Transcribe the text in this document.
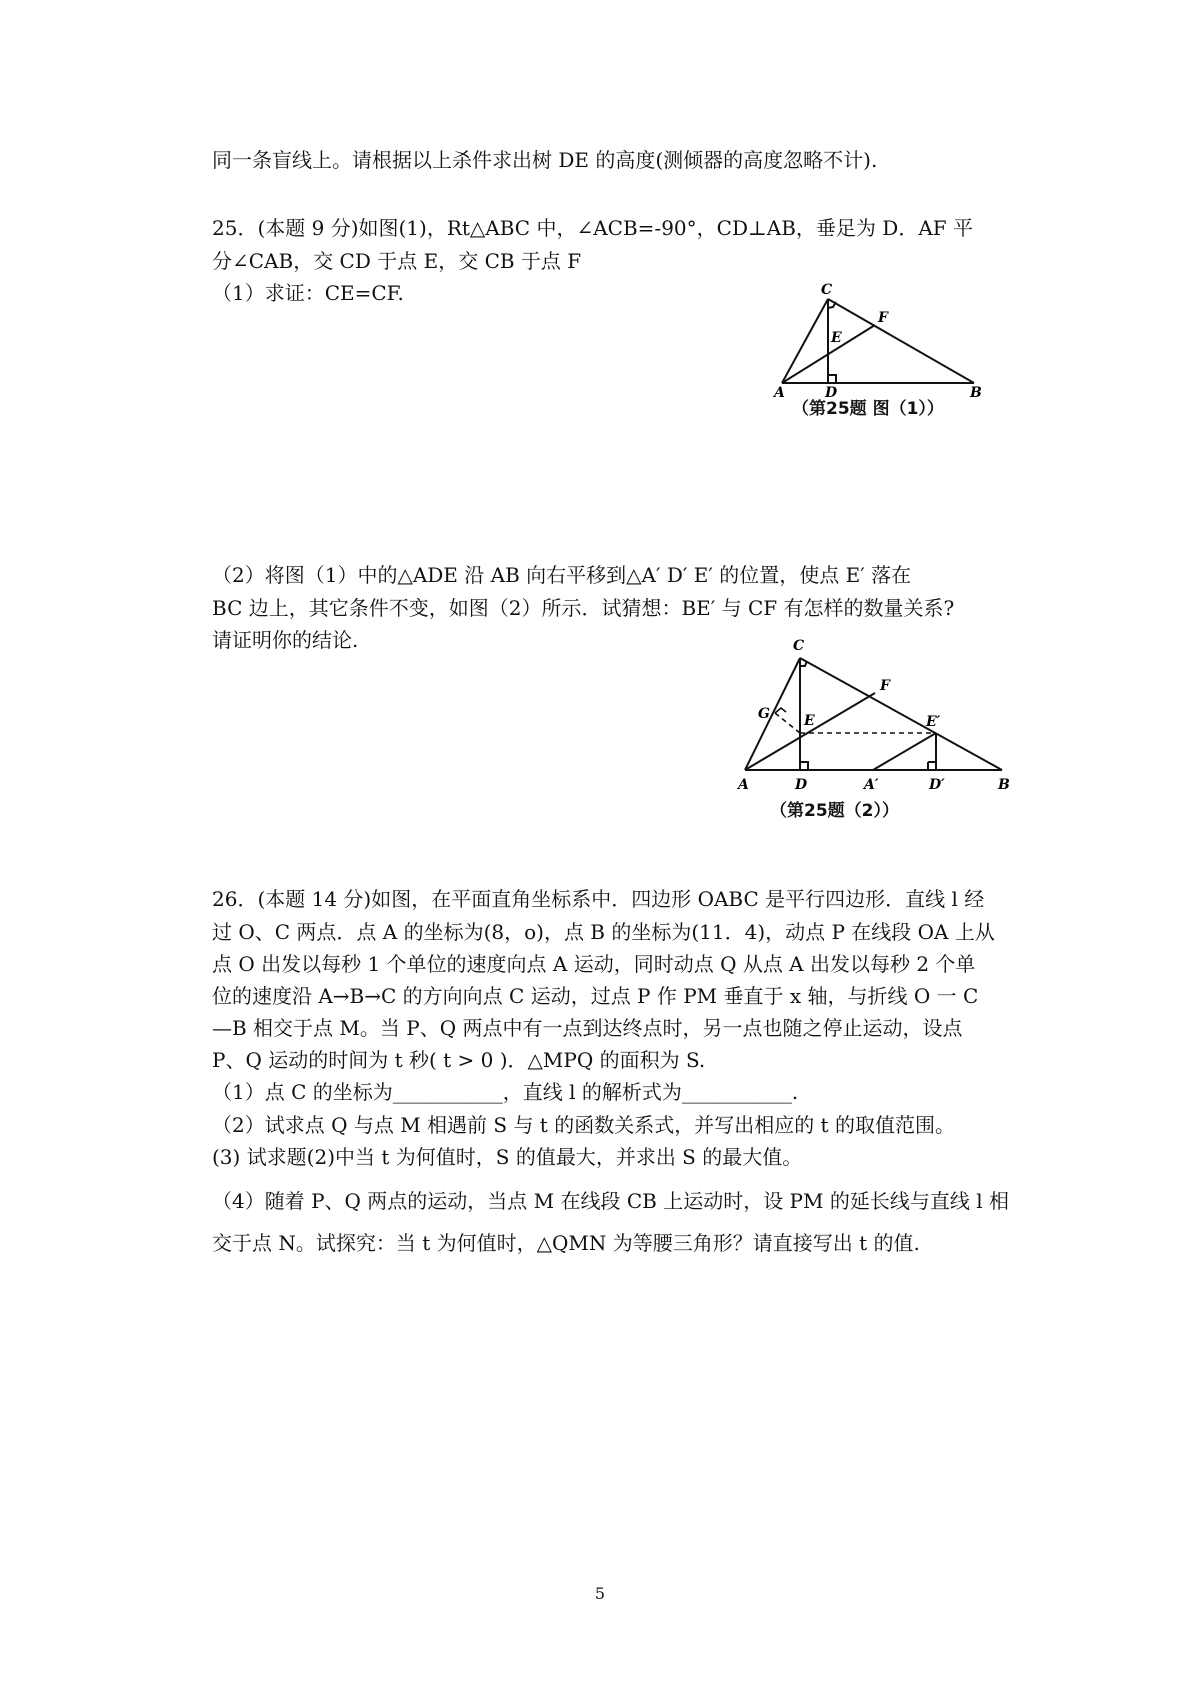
同一条盲线上。请根据以上杀件求出树 DE 的高度(测倾器的高度忽略不计).
25．(本题 9 分)如图(1)，Rt△ABC 中，∠ACB=-90°，CD⊥AB，垂足为 D．AF 平
分∠CAB，交 CD 于点 E，交 CB 于点 F
（1）求证：CE=CF.
（2）将图（1）中的△ADE 沿 AB 向右平移到△A′ D′ E′ 的位置，使点 E′ 落在
BC 边上，其它条件不变，如图（2）所示．试猜想：BE′ 与 CF 有怎样的数量关系?
请证明你的结论.
26．(本题 14 分)如图，在平面直角坐标系中．四边形 OABC 是平行四边形．直线 l 经
过 O、C 两点．点 A 的坐标为(8，o)，点 B 的坐标为(11．4)，动点 P 在线段 OA 上从
点 O 出发以每秒 1 个单位的速度向点 A 运动，同时动点 Q 从点 A 出发以每秒 2 个单
位的速度沿 A→B→C 的方向向点 C 运动，过点 P 作 PM 垂直于 x 轴，与折线 O 一 C
—B 相交于点 M。当 P、Q 两点中有一点到达终点时，另一点也随之停止运动，设点
P、Q 运动的时间为 t 秒( t > 0 )．△MPQ 的面积为 S.
（1）点 C 的坐标为___________，直线 l 的解析式为___________.
（2）试求点 Q 与点 M 相遇前 S 与 t 的函数关系式，并写出相应的 t 的取值范围。
(3) 试求题(2)中当 t 为何值时，S 的值最大，并求出 S 的最大值。
（4）随着 P、Q 两点的运动，当点 M 在线段 CB 上运动时，设 PM 的延长线与直线 l 相
交于点 N。试探究：当 t 为何值时，△QMN 为等腰三角形？请直接写出 t 的值.
C
F
E
A	D	B
（第25题 图（1））
C
F
G E	E′
A	D	A′	D′	B
（第25题（2））
5
